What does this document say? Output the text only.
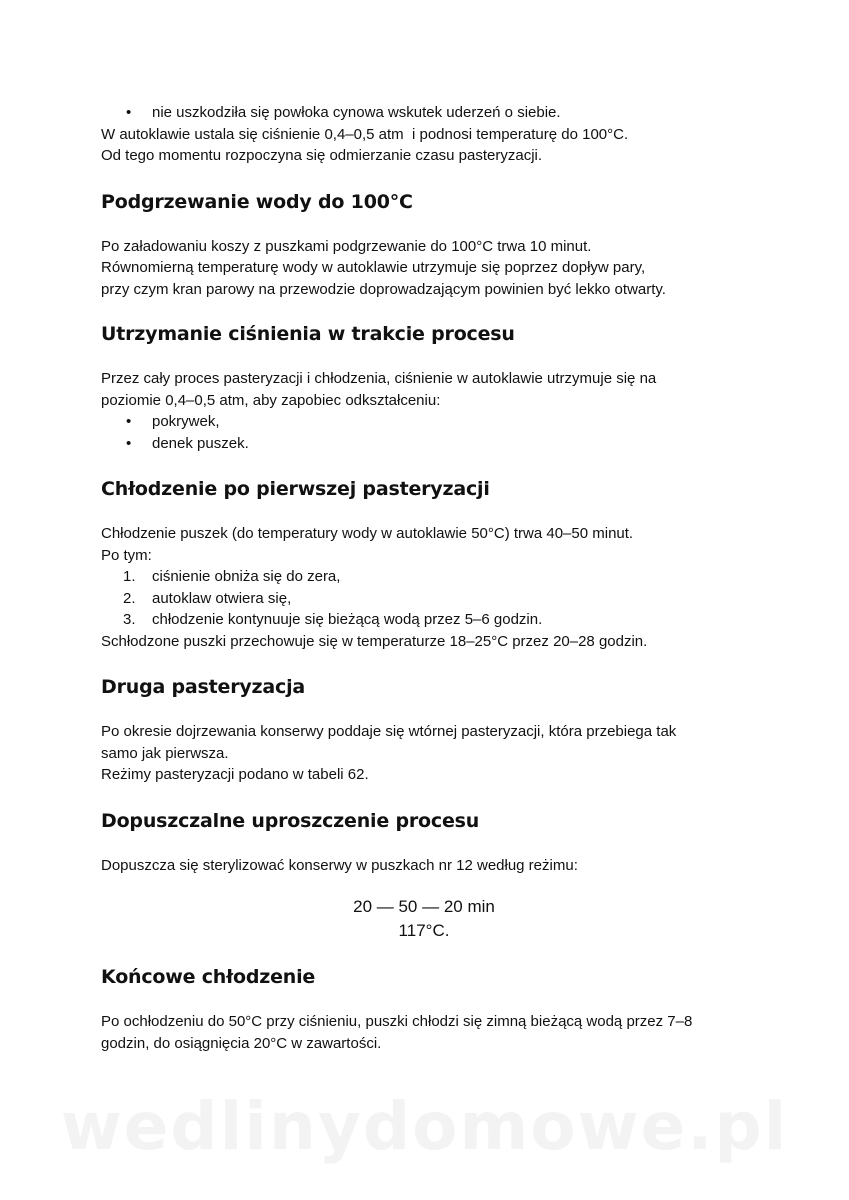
• nie uszkodziła się powłoka cynowa wskutek uderzeń o siebie.

W autoklawie ustala się ciśnienie 0,4–0,5 atm  i podnosi temperaturę do 100°C.

Od tego momentu rozpoczyna się odmierzanie czasu pasteryzacji.

Podgrzewanie wody do 100°C

Po załadowaniu koszy z puszkami podgrzewanie do 100°C trwa 10 minut.

Równomierną temperaturę wody w autoklawie utrzymuje się poprzez dopływ pary,

przy czym kran parowy na przewodzie doprowadzającym powinien być lekko otwarty.

Utrzymanie ciśnienia w trakcie procesu

Przez cały proces pasteryzacji i chłodzenia, ciśnienie w autoklawie utrzymuje się na

poziomie 0,4–0,5 atm, aby zapobiec odkształceniu:

• pokrywek,
• denek puszek.
Chłodzenie po pierwszej pasteryzacji

Chłodzenie puszek (do temperatury wody w autoklawie 50°C) trwa 40–50 minut.

Po tym:

1. ciśnienie obniża się do zera,
2. autoklaw otwiera się,
3. chłodzenie kontynuuje się bieżącą wodą przez 5–6 godzin.

Schłodzone puszki przechowuje się w temperaturze 18–25°C przez 20–28 godzin.

Druga pasteryzacja

Po okresie dojrzewania konserwy poddaje się wtórnej pasteryzacji, która przebiega tak

samo jak pierwsza.

Reżimy pasteryzacji podano w tabeli 62.

Dopuszczalne uproszczenie procesu

Dopuszcza się sterylizować konserwy w puszkach nr 12 według reżimu:

20 — 50 — 20 min

117°C.

Końcowe chłodzenie

Po ochłodzeniu do 50°C przy ciśnieniu, puszki chłodzi się zimną bieżącą wodą przez 7–8

godzin, do osiągnięcia 20°C w zawartości.

wedlinydomowe.pl
